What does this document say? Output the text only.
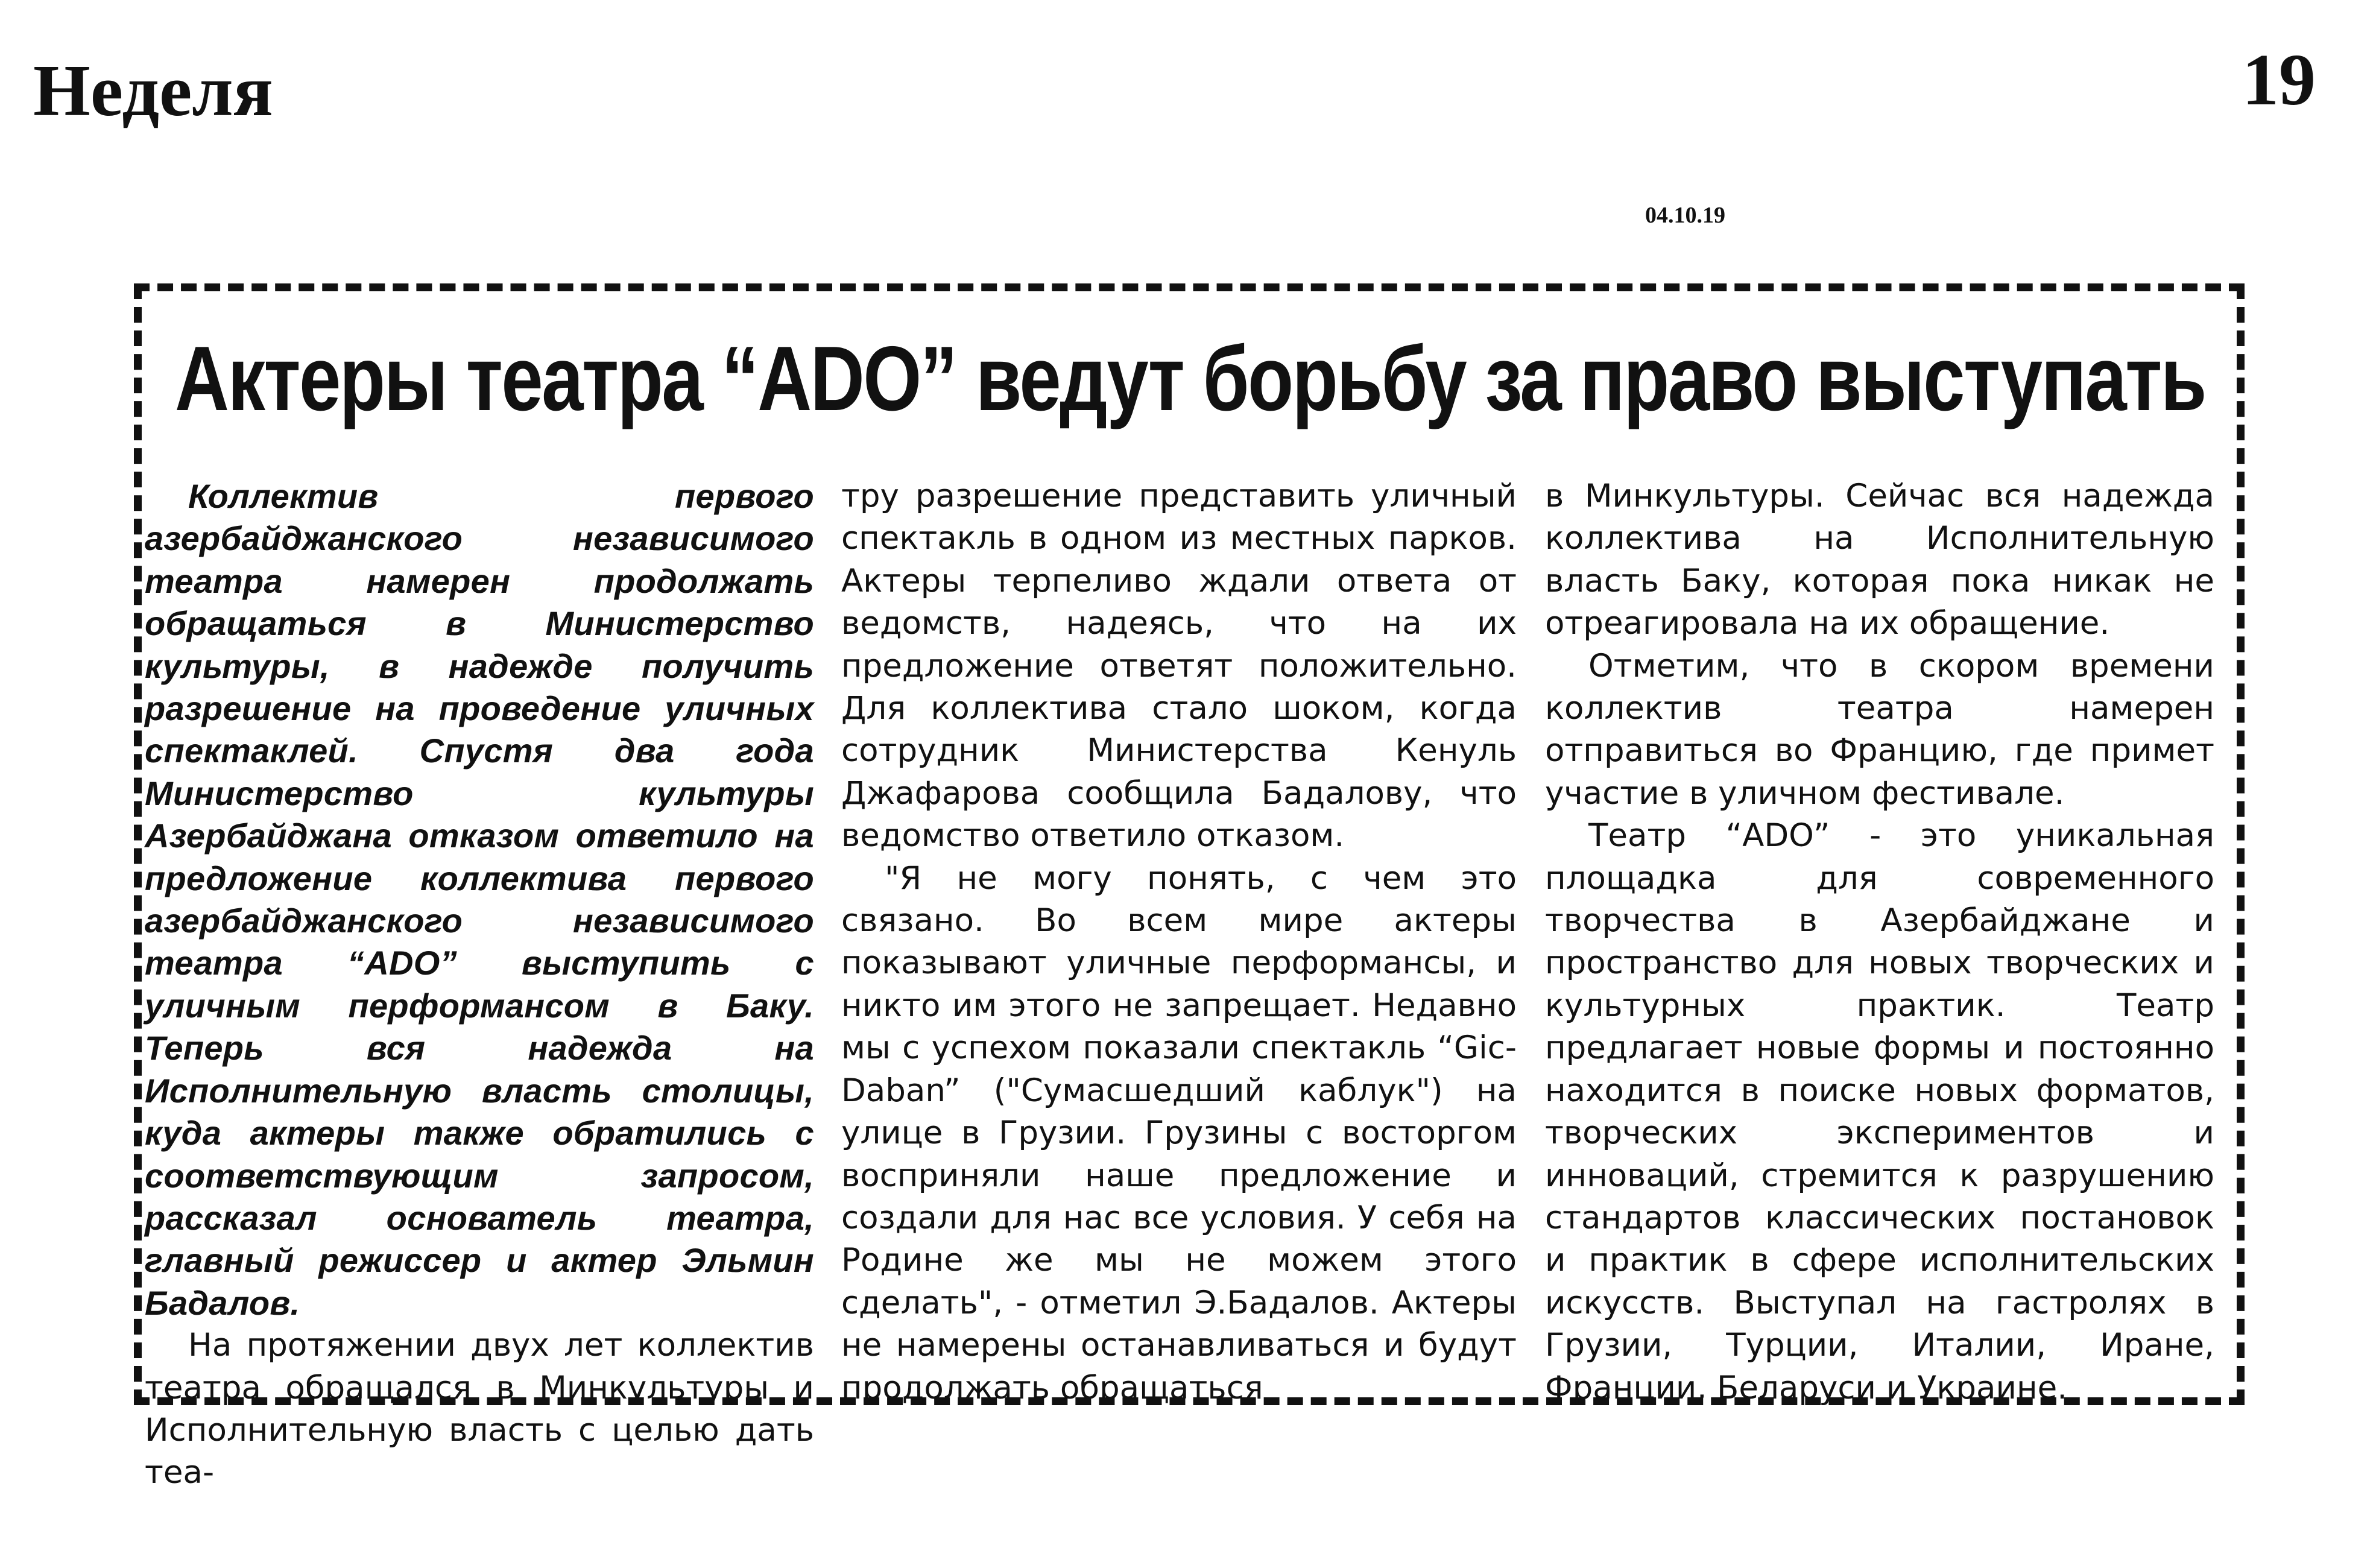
Неделя	19
04.10.19
Актеры театра “ADO” ведут борьбу за право выступать

Коллектив первого азербайджанского независимого театра намерен продолжать обращаться в Министерство культуры, в надежде получить разрешение на проведение уличных спектаклей. Спустя два года Министерство культуры Азербайджана отказом ответило на предложение коллектива первого азербайджанского независимого театра “ADO” выступить с уличным перформансом в Баку. Теперь вся надежда на Исполнительную власть столицы, куда актеры также обратились с соответствующим запросом, рассказал основатель театра, главный режиссер и актер Эльмин Бадалов.

На протяжении двух лет коллектив театра обращался в Минкультуры и Исполнительную власть с целью дать теа-

тру разрешение представить уличный спектакль в одном из местных парков. Актеры терпеливо ждали ответа от ведомств, надеясь, что на их предложение ответят положительно. Для коллектива стало шоком, когда сотрудник Министерства Кенуль Джафарова сообщила Бадалову, что ведомство ответило отказом.

"Я не могу понять, с чем это связано. Во всем мире актеры показывают уличные перформансы, и никто им этого не запрещает. Недавно мы с успехом показали спектакль “Gic-Daban” ("Сумасшедший каблук") на улице в Грузии. Грузины с восторгом восприняли наше предложение и создали для нас все условия. У себя на Родине же мы не можем этого сделать", - отметил Э.Бадалов. Актеры не намерены останавливаться и будут продолжать обращаться

в Минкультуры. Сейчас вся надежда коллектива на Исполнительную власть Баку, которая пока никак не отреагировала на их обращение.

Отметим, что в скором времени коллектив театра намерен отправиться во Францию, где примет участие в уличном фестивале.

Театр “ADO” - это уникальная площадка для современного творчества в Азербайджане и пространство для новых творческих и культурных практик. Театр предлагает новые формы и постоянно находится в поиске новых форматов, творческих экспериментов и инноваций, стремится к разрушению стандартов классических постановок и практик в сфере исполнительских искусств. Выступал на гастролях в Грузии, Турции, Италии, Иране, Франции, Беларуси и Украине.
